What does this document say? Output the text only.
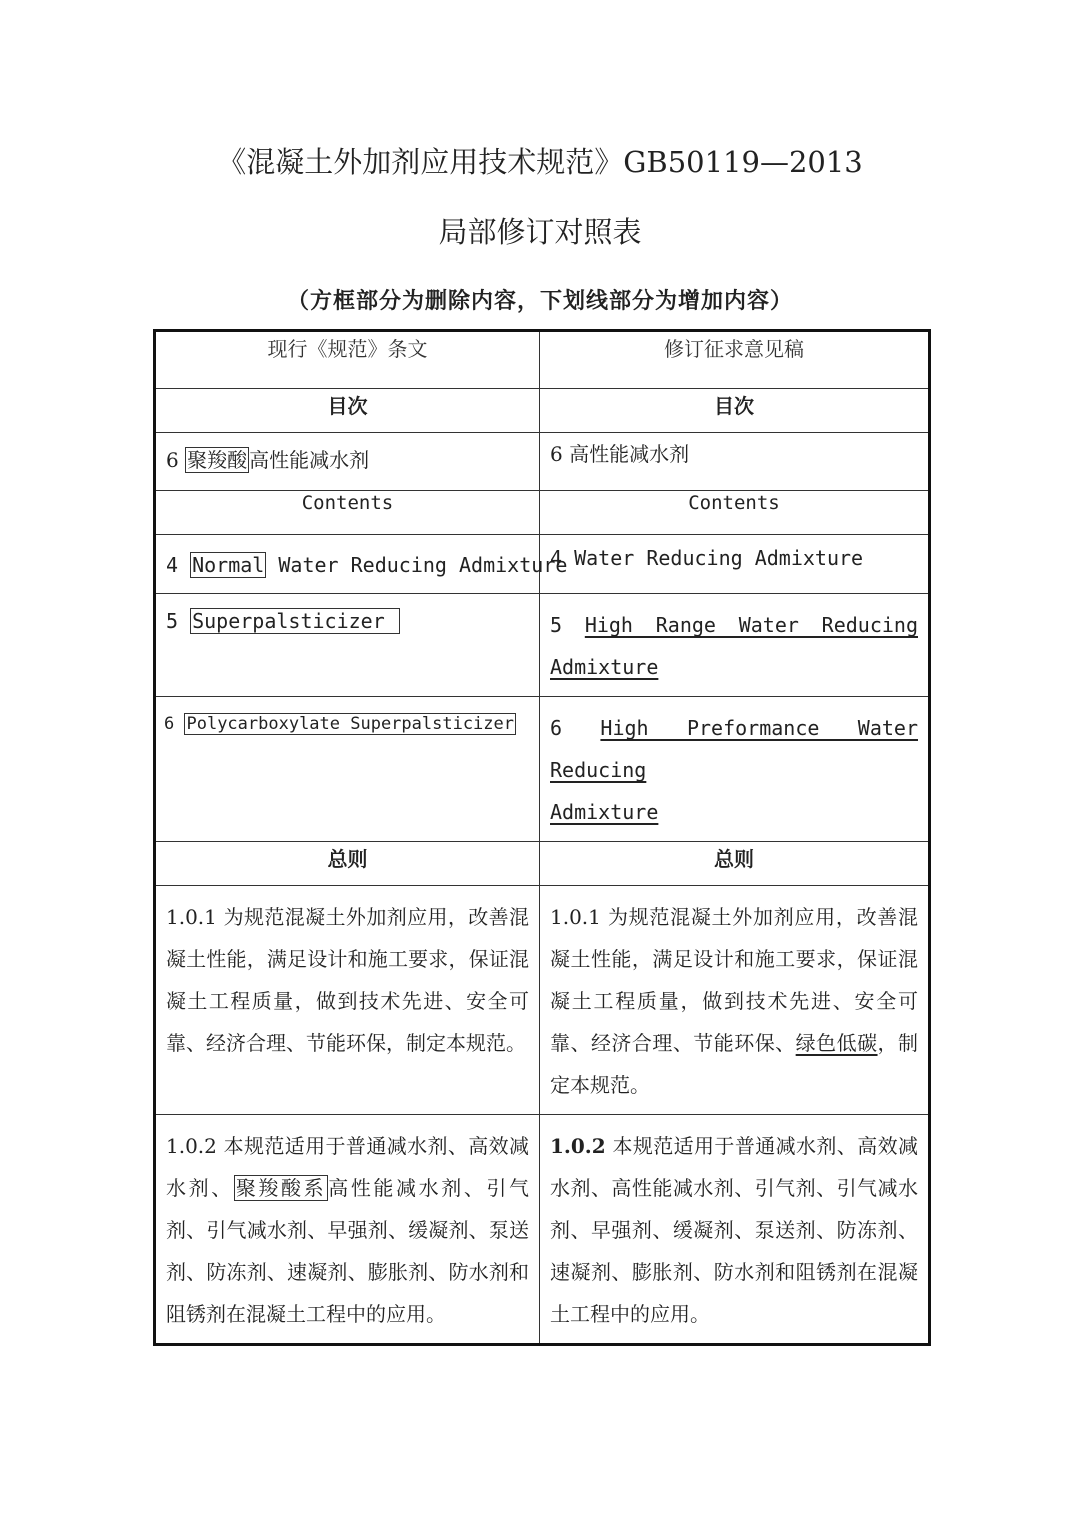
《混凝土外加剂应用技术规范》GB50119—2013
局部修订对照表
（方框部分为删除内容，下划线部分为增加内容）
现行《规范》条文	修订征求意见稿
目次	目次
6 聚羧酸 高性能减水剂	6 高性能减水剂
Contents	Contents
4 Normal Water Reducing Admixture	4 Water Reducing Admixture
5 Superpalsticizer	5 High Range Water Reducing
Admixture

6 Polycarboxylate Superpalsticizer	6 High Preformance Water Reducing
Admixture

总则	总则
1.0.1 为规范混凝土外加剂应用，改善混凝土性能，满足设计和施工要求，保证混凝土工程质量，做到技术先进、安全可靠、经济合理、节能环保，制定本规范。	1.0.1 为规范混凝土外加剂应用，改善混凝土性能，满足设计和施工要求，保证混凝土工程质量，做到技术先进、安全可靠、经济合理、节能环保、绿色低碳，制定本规范。
1.0.2 本规范适用于普通减水剂、高效减水剂、 聚羧酸系 高性能减水剂、引气剂、引气减水剂、早强剂、缓凝剂、泵送剂、防冻剂、速凝剂、膨胀剂、防水剂和阻锈剂在混凝土工程中的应用。	1.0.2 本规范适用于普通减水剂、高效减水剂、高性能减水剂、引气剂、引气减水剂、早强剂、缓凝剂、泵送剂、防冻剂、速凝剂、膨胀剂、防水剂和阻锈剂在混凝土工程中的应用。
